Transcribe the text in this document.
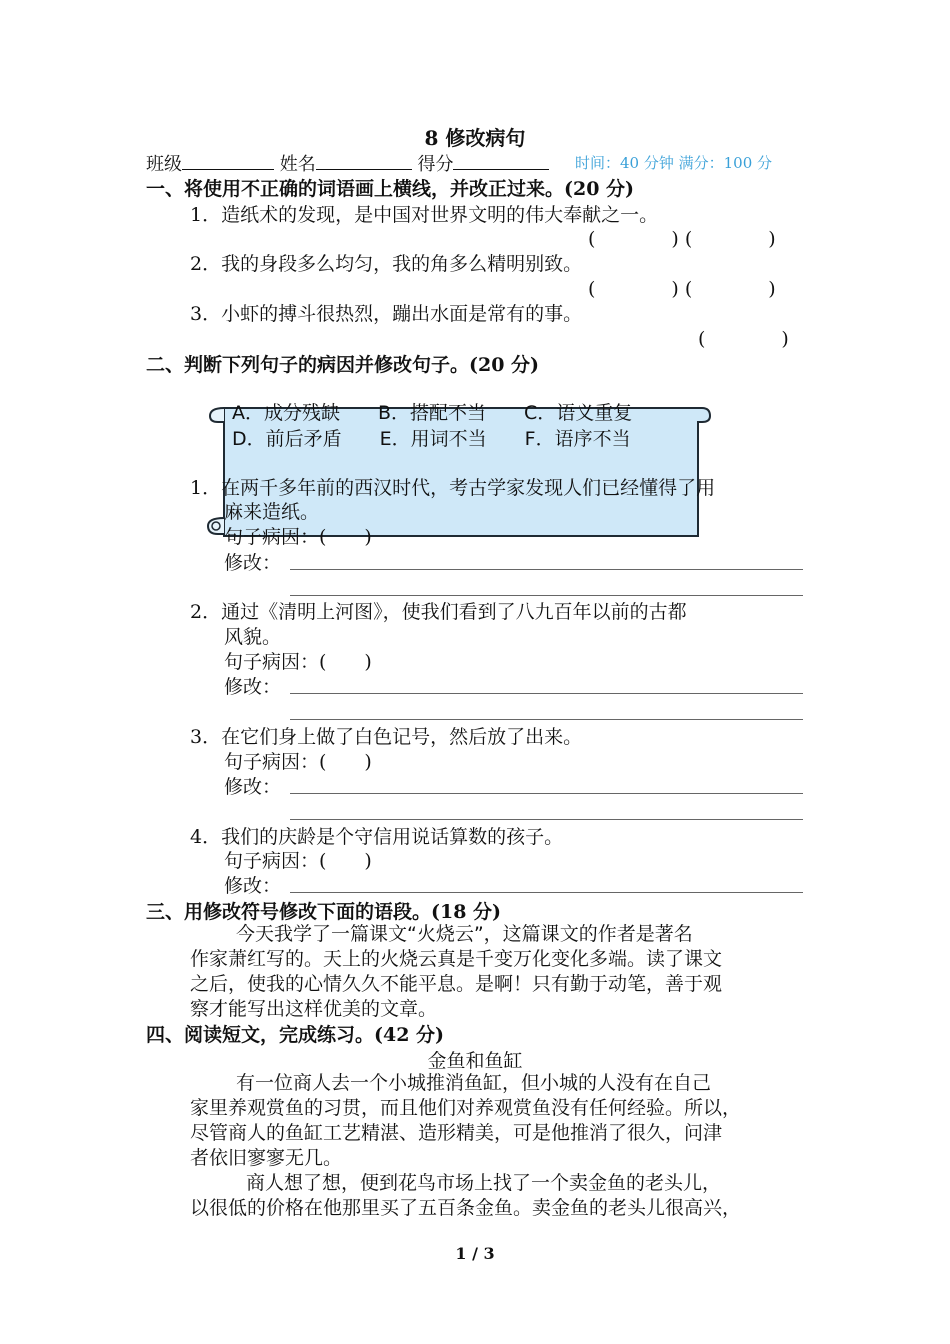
8 修改病句
班级	姓名	得分	时间：40 分钟 满分：100 分
一、将使用不正确的词语画上横线，并改正过来。(20 分)
1．造纸术的发现，是中国对世界文明的伟大奉献之一。
(　　　　) (　　　　)
2．我的身段多么均匀，我的角多么精明别致。
(　　　　) (　　　　)
3．小虾的搏斗很热烈，蹦出水面是常有的事。
(　　　　)
二、判断下列句子的病因并修改句子。(20 分)
A．成分残缺　　B．搭配不当　　C．语义重复
D．前后矛盾　　E．用词不当　　F．语序不当
1．在两千多年前的西汉时代，考古学家发现人们已经懂得了用
麻来造纸。
句子病因：(　　)
修改：
2．通过《清明上河图》，使我们看到了八九百年以前的古都
风貌。
句子病因：(　　)
修改：
3．在它们身上做了白色记号，然后放了出来。
句子病因：(　　)
修改：
4．我们的庆龄是个守信用说话算数的孩子。
句子病因：(　　)
修改：
三、用修改符号修改下面的语段。(18 分)
今天我学了一篇课文“火烧云”，这篇课文的作者是著名
作家萧红写的。天上的火烧云真是千变万化变化多端。读了课文
之后，使我的心情久久不能平息。是啊！只有勤于动笔，善于观
察才能写出这样优美的文章。
四、阅读短文，完成练习。(42 分)
金鱼和鱼缸
有一位商人去一个小城推消鱼缸，但小城的人没有在自己
家里养观赏鱼的习贯，而且他们对养观赏鱼没有任何经验。所以，
尽管商人的鱼缸工艺精湛、造形精美，可是他推消了很久，问津
者依旧寥寥无几。
商人想了想，便到花鸟市场上找了一个卖金鱼的老头儿，
以很低的价格在他那里买了五百条金鱼。卖金鱼的老头儿很高兴，
1 / 3
